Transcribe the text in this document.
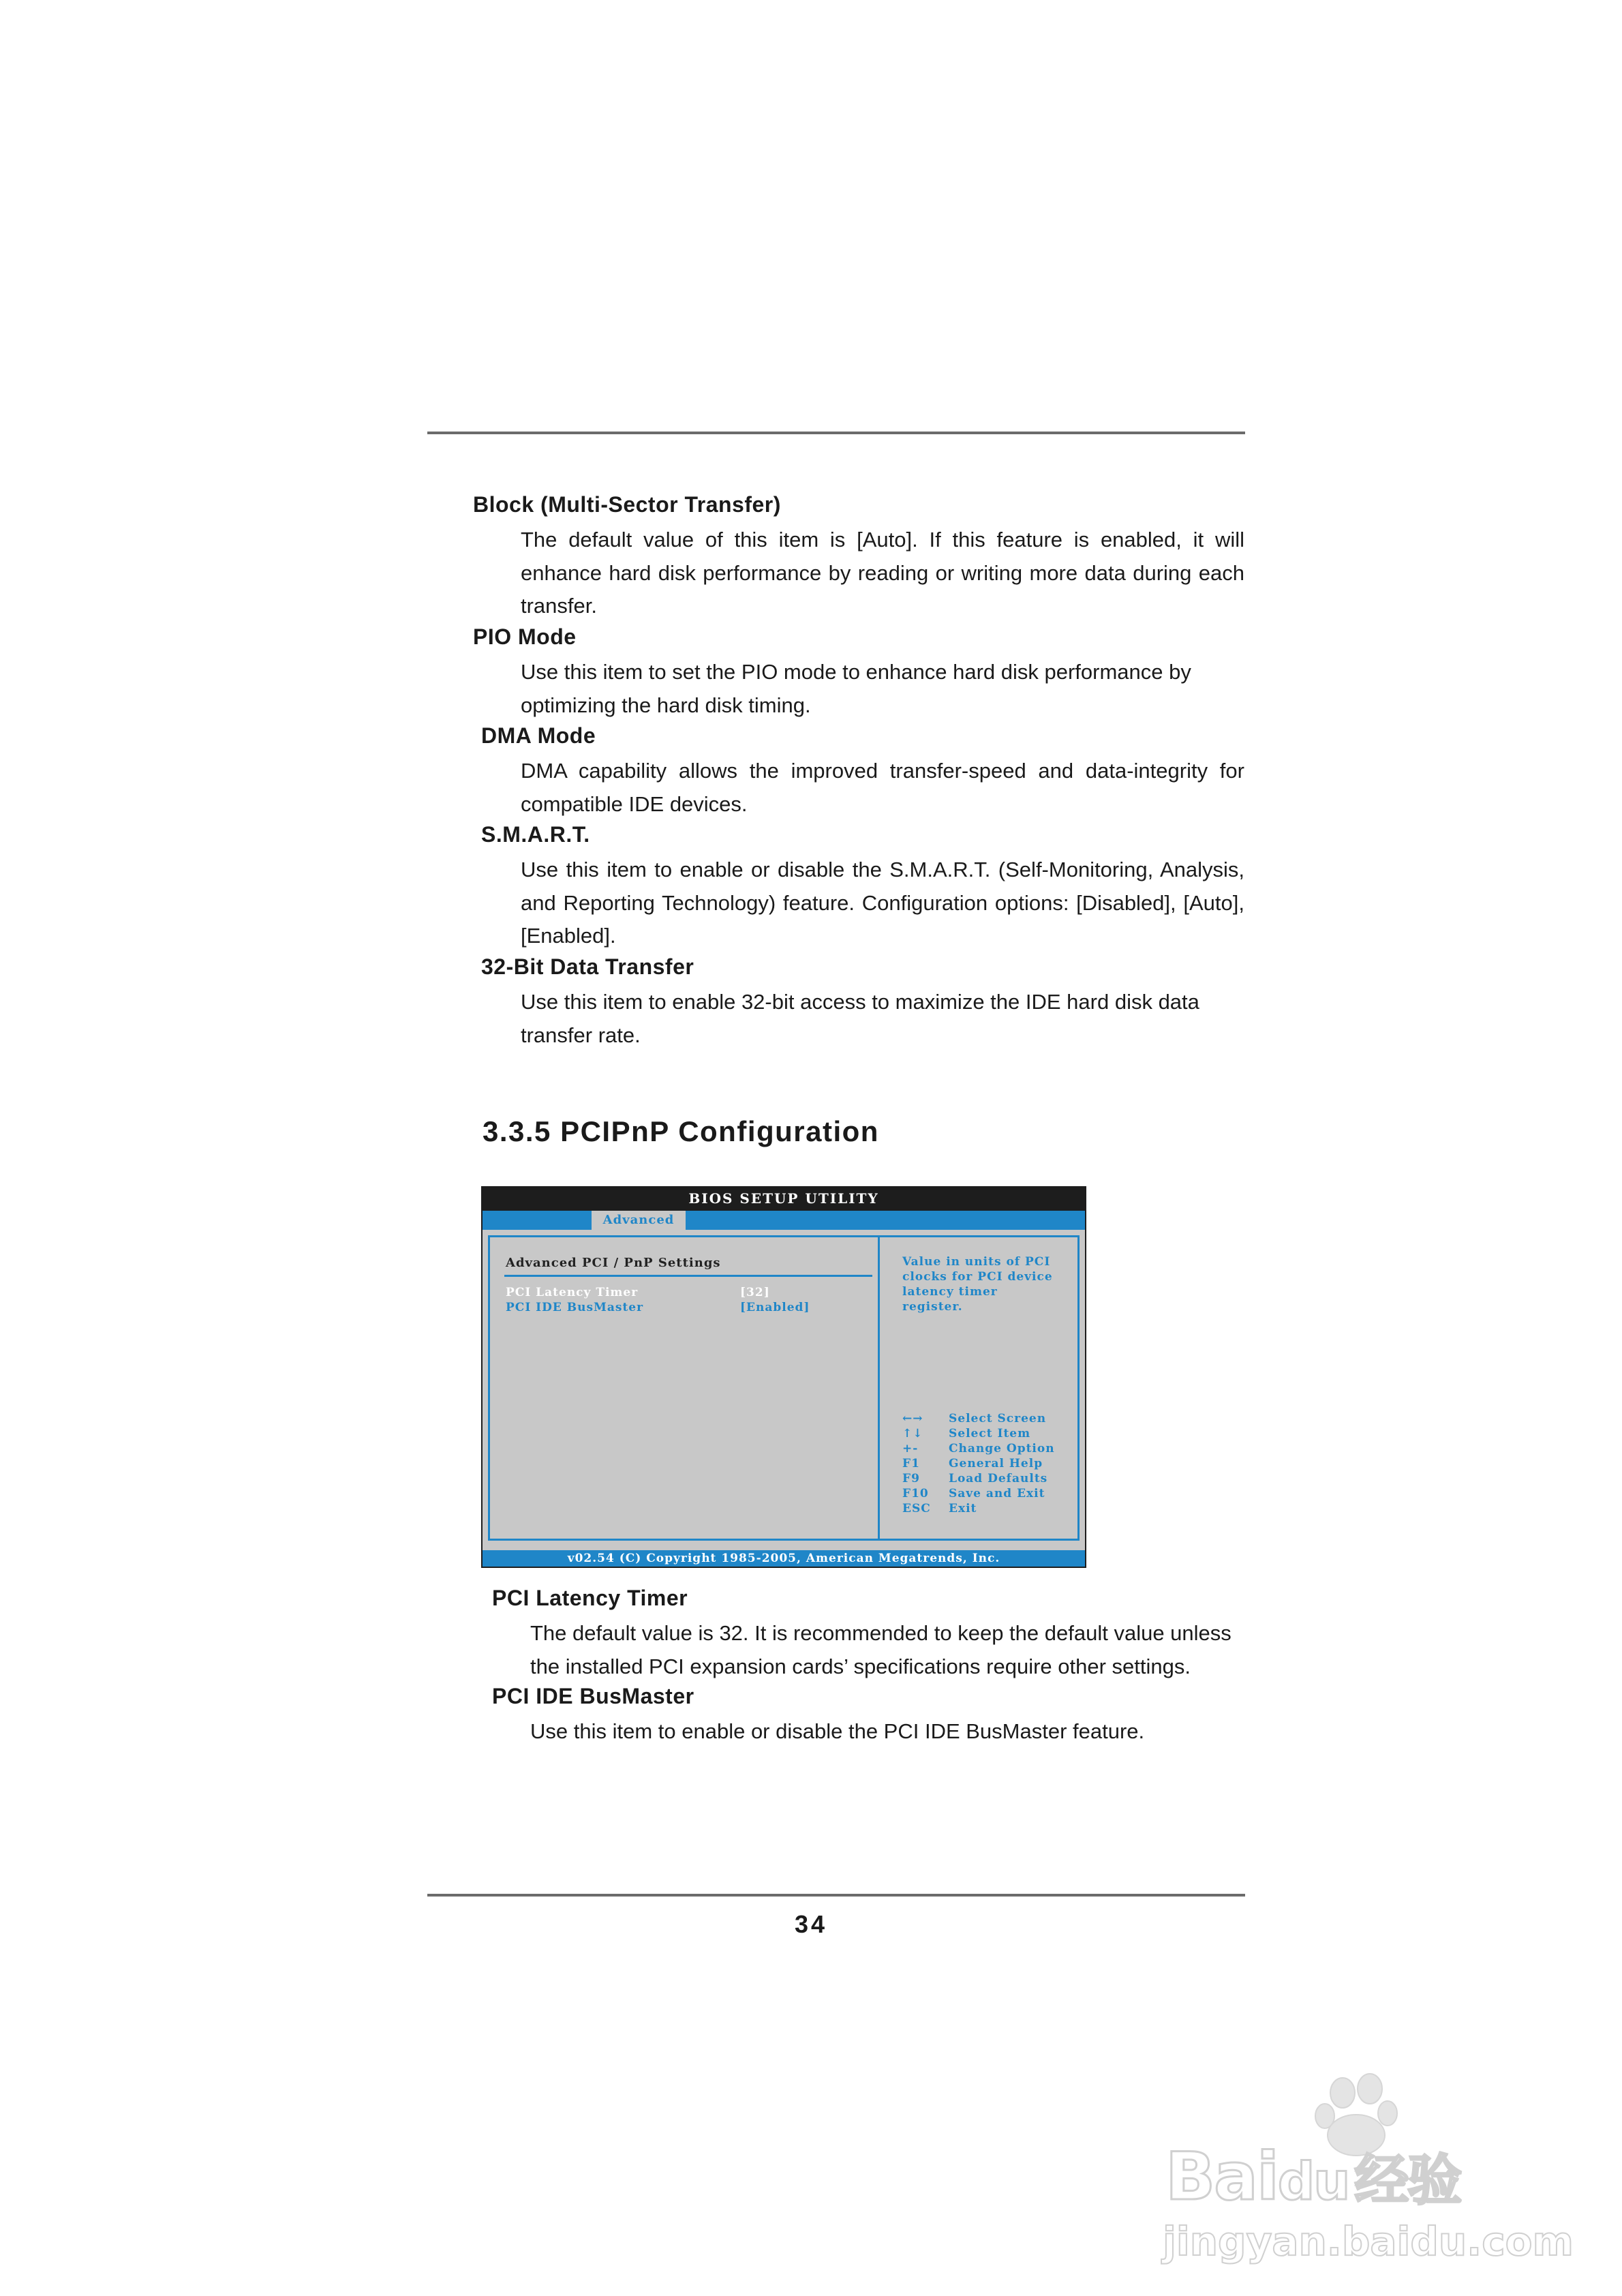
Block (Multi-Sector Transfer)
The default value of this item is [Auto]. If this feature is enabled, it will enhance hard disk performance by reading or writing more data during each transfer.
PIO Mode
Use this item to set the PIO mode to enhance hard disk performance by optimizing the hard disk timing.
DMA Mode
DMA capability allows the improved transfer-speed and data-integrity for compatible IDE devices.
S.M.A.R.T.
Use this item to enable or disable the S.M.A.R.T. (Self-Monitoring, Analysis, and Reporting Technology) feature. Configuration options: [Disabled], [Auto], [Enabled].
32-Bit Data Transfer
Use this item to enable 32-bit access to maximize the IDE hard disk data transfer rate.
3.3.5 PCIPnP Configuration
BIOS SETUP UTILITY
Advanced
Advanced PCI / PnP Settings
PCI Latency Timer	[32]
PCI IDE BusMaster	[Enabled]
Value in units of PCI
clocks for PCI device
latency timer
register.
←→ Select Screen
↑↓ Select Item
+-	Change Option
F1 General Help
F9 Load Defaults
F10 Save and Exit
ESC Exit
v02.54 (C) Copyright 1985-2005, American Megatrends, Inc.
PCI Latency Timer
The default value is 32. It is recommended to keep the default value unless the installed PCI expansion cards’ specifications require other settings.
PCI IDE BusMaster
Use this item to enable or disable the PCI IDE BusMaster feature.
34
Baidu 经验
jingyan.baidu.com
